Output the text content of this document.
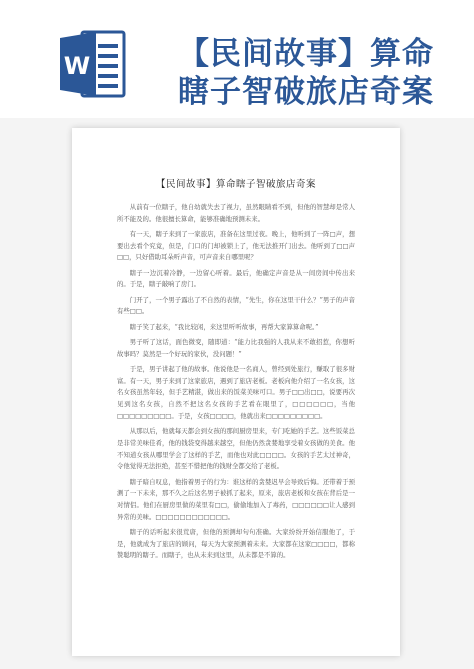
W	【民间故事】算命
瞎子智破旅店奇案
【民间故事】算命瞎子智破旅店奇案

从前有一位瞎子，他自幼就失去了视力，虽然眼睛看不到，但他的智慧却是常人所不能及的。他很擅长算命，能够准确地预测未来。

有一天，瞎子来到了一家旅店，准备在这里过夜。晚上，他听到了一阵□声，想要出去看个究竟，但是，门口的门却被锁上了，他无法推开门出去。他听到了□□声□□，只好借助耳朵听声音，可声音来自哪里呢？

瞎子一边沉着冷静，一边留心听着。最后，他确定声音是从一间房间中传出来的。于是，瞎子敲响了房门。

门开了，一个男子露出了不自然的表情，“先生，你在这里干什么？”男子的声音有些□□。

瞎子笑了起来，“我比较闲，来这里听听故事，再帮大家算算命呢。”

男子听了这话，面色微变，随即道：“能力比我强的人我从来不敢招惹，你想听故事吗？莫然是一个好玩的家伙，没问题！”

于是，男子讲起了他的故事。他说他是一名商人，曾经到处旅行，赚取了很多财富。有一天，男子来到了这家旅店，遇到了旅店老板。老板向他介绍了一名女孩，这名女孩虽然年轻，但手艺精湛，做出来的饭菜美味可口。男子□□出□□，说要再次见到这名女孩，自然不把这名女孩的手艺看在眼里了，□□□□□□，当他□□□□□□□□□。于是，女孩□□□□，他就出来□□□□□□□□□。

从那以后，他就每天都会到女孩的那间厨房里来，专门吃她的手艺。这些饭菜总是非常美味佳肴，他的钱袋变得越来越空，但他仍然贪婪地享受着女孩做的美食。他不知道女孩从哪里学会了这样的手艺，而他也对此□□□□。女孩的手艺太过神奇，令他觉得无法拒绝，甚至不惜把他的钱财全都交给了老板。

瞎子暗自叹息，他指着男子的行为：谁这样的贪婪迟早会导致后悔。还带着于预测了一下未来，那不久之后这名男子被抓了起来，原来，旅店老板和女孩在背后是一对情侣。他们在厨房里做的菜里有□□，偷偷地加入了毒药，□□□□□□让人感到异常的美味。□□□□□□□□□□□□。

瞎子的话听起来很荒唐，但他的预测却句句准确。大家纷纷开始信服他了，于是，他就成为了旅店的顾问，每天为大家预测着未来。大家都在这家□□□□，都称赞聪明的瞎子。而瞎子，也从未来到这里，从未都是不算的。
